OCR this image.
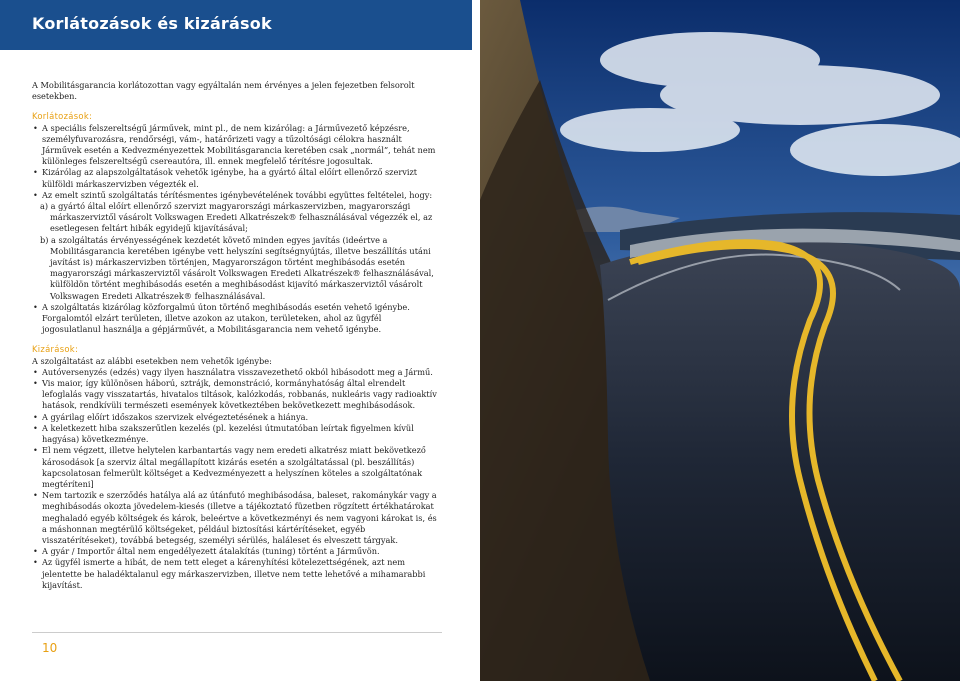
Korlátozások és kizárások

A Mobilitásgarancia korlátozottan vagy egyáltalán nem érvényes a jelen fejezetben felsorolt esetekben.

Korlátozások:
• A speciális felszereltségű járművek, mint pl., de nem kizárólag: a Járművezető képzésre, személyfuvarozásra, rendőrségi, vám-, határőrizeti vagy a tűzoltósági célokra használt Járművek esetén a Kedvezményezettek Mobilitásgarancia keretében csak „normál”, tehát nem különleges felszereltségű csereautóra, ill. ennek megfelelő térítésre jogosultak.
• Kizárólag az alapszolgáltatások vehetők igénybe, ha a gyártó által előírt ellenőrző szervizt külföldi márkaszervizben végezték el.
• Az emelt szintű szolgáltatás térítésmentes igénybevételének további együttes feltételei, hogy:

a) a gyártó által előírt ellenőrző szervizt magyarországi márkaszervizben, magyarországi márkaszerviztől vásárolt Volkswagen Eredeti Alkatrészek® felhasználásával végezzék el, az esetlegesen feltárt hibák egyidejű kijavításával;

b) a szolgáltatás érvényességének kezdetét követő minden egyes javítás (ideértve a Mobilitásgarancia keretében igénybe vett helyszíni segítségnyújtás, illetve beszállítás utáni javítást is) márkaszervizben történjen, Magyarországon történt meghibásodás esetén magyarországi márkaszerviztől vásárolt Volkswagen Eredeti Alkatrészek® felhasználásával, külföldön történt meghibásodás esetén a meghibásodást kijavító márkaszerviztől vásárolt Volkswagen Eredeti Alkatrészek® felhasználásával.

• A szolgáltatás kizárólag közforgalmú úton történő meghibásodás esetén vehető igénybe. Forgalomtól elzárt területen, illetve azokon az utakon, területeken, ahol az ügyfél jogosulatlanul használja a gépjárművét, a Mobilitásgarancia nem vehető igénybe.
Kizárások:

A szolgáltatást az alábbi esetekben nem vehetők igénybe:

• Autóversenyzés (edzés) vagy ilyen használatra visszavezethető okból hibásodott meg a Jármű.
• Vis maior, így különösen háború, sztrájk, demonstráció, kormányhatóság által elrendelt lefoglalás vagy visszatartás, hivatalos tiltások, kalózkodás, robbanás, nukleáris vagy radioaktív hatások, rendkívüli természeti események következtében bekövetkezett meghibásodások.
• A gyárilag előírt időszakos szervizek elvégeztetésének a hiánya.
• A keletkezett hiba szakszerűtlen kezelés (pl. kezelési útmutatóban leírtak figyelmen kívül hagyása) következménye.
• El nem végzett, illetve helytelen karbantartás vagy nem eredeti alkatrész miatt bekövetkező károsodások [a szerviz által megállapított kizárás esetén a szolgáltatással (pl. beszállítás) kapcsolatosan felmerült költséget a Kedvezményezett a helyszínen köteles a szolgáltatónak megtéríteni]
• Nem tartozik e szerződés hatálya alá az útánfutó meghibásodása, baleset, rakománykár vagy a meghibásodás okozta jövedelem-kiesés (illetve a tájékoztató füzetben rögzített értékhatárokat meghaladó egyéb költségek és károk, beleértve a következményi és nem vagyoni károkat is, és a máshonnan megtérülő költségeket, például biztosítási kártérítéseket, egyéb visszatérítéseket), továbbá betegség, személyi sérülés, haláleset és elveszett tárgyak.
• A gyár / Importőr által nem engedélyezett átalakítás (tuning) történt a Járművön.
• Az ügyfél ismerte a hibát, de nem tett eleget a kárenyhítési kötelezettségének, azt nem jelentette be haladéktalanul egy márkaszervizben, illetve nem tette lehetővé a mihamarabbi kijavítást.
10
